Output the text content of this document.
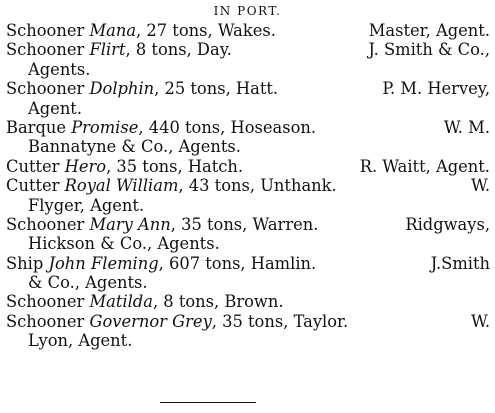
IN PORT.
Schooner Mana, 27 tons, Wakes.	Master, Agent.
Schooner Flirt, 8 tons, Day.	J. Smith & Co.,
Agents.
Schooner Dolphin, 25 tons, Hatt.	P. M. Hervey,
Agent.
Barque Promise, 440 tons, Hoseason.	W. M.
Bannatyne & Co., Agents.
Cutter Hero, 35 tons, Hatch.	R. Waitt, Agent.
Cutter Royal William, 43 tons, Unthank.	W.
Flyger, Agent.
Schooner Mary Ann, 35 tons, Warren.	Ridgways,
Hickson & Co., Agents.
Ship John Fleming, 607 tons, Hamlin.	J.Smith
& Co., Agents.
Schooner Matilda, 8 tons, Brown.
Schooner Governor Grey, 35 tons, Taylor.	W.
Lyon, Agent.
